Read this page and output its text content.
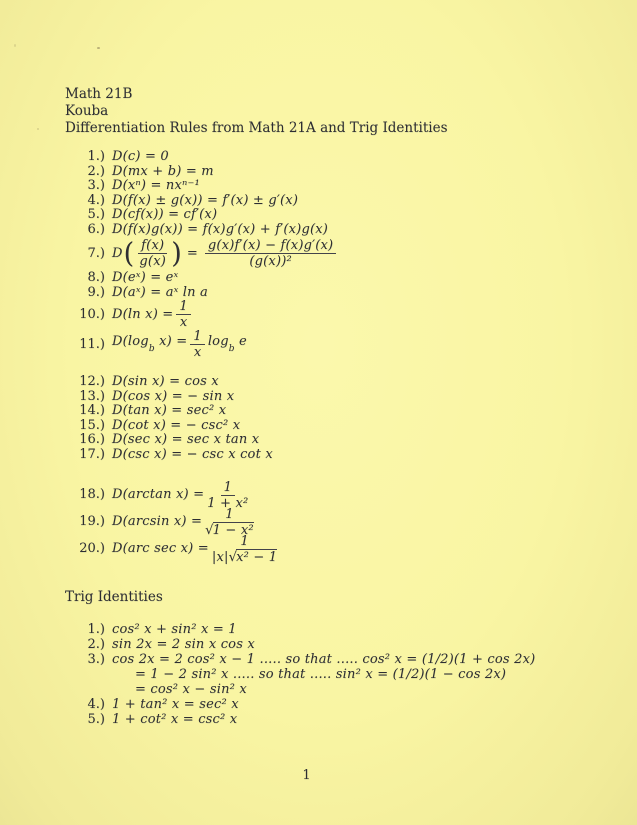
Math 21B
Kouba
Differentiation Rules from Math 21A and Trig Identities
1.) D(c) = 0
2.) D(mx + b) = m
3.) D(xⁿ) = nxⁿ⁻¹
4.) D(f(x) ± g(x)) = f′(x) ± g′(x)
5.) D(cf(x)) = cf′(x)
6.) D(f(x)g(x)) = f(x)g′(x) + f′(x)g(x)
7.) D ( $\frac{f(x)}{g(x)}$ ) = $\frac{g(x)f'(x) - f(x)g'(x)}{\text{(g(x))²}}$
8.) D(eˣ) = eˣ
9.) D(aˣ) = aˣ ln a
10.) D(ln $x) = \frac{1}{x}$
11.) $D(\log_b$ $x) = \frac{1}{x} \log_b e$
12.) D(sin x) = cos x
13.) D(cos x) = − sin x
14.) D(tan x) = sec² x
15.) D(cot x) = − csc² x
16.) D(sec x) = sec x tan x
17.) D(csc x) = − csc x cot x
18.) D(arctan $x) = \frac{1}{\text{1 + x²}}$
19.) D(arcsin $x) = \frac{1}{\text{√1 − x²}}$
20.) D(arc $\sec x) = \frac{1}{\text{|x|√x² − 1}}$
Trig Identities
1.) cos² x + sin² x = 1
2.) sin 2x = 2 sin x cos x
3.) cos 2x = 2 cos² x − 1 ..... so that ..... cos² x = (1/2)(1 + cos 2x)
= 1 − 2 sin² x ..... so that ..... sin² x = (1/2)(1 − cos 2x)
= cos² x − sin² x
4.) 1 + tan² x = sec² x
5.) 1 + cot² x = csc² x
1
